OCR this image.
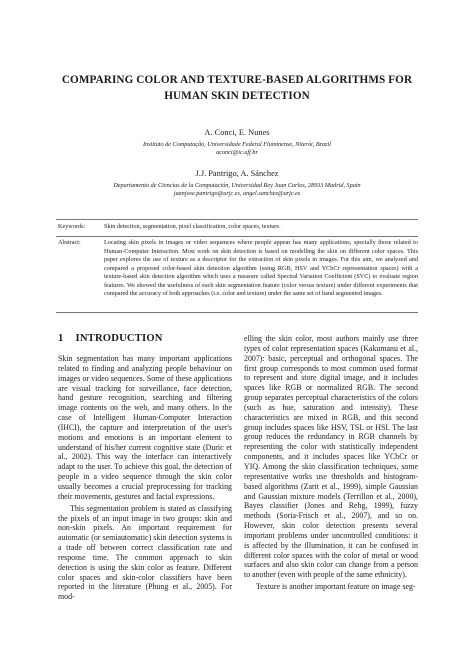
COMPARING COLOR AND TEXTURE-BASED ALGORITHMS FOR HUMAN SKIN DETECTION
A. Conci, E. Nunes
Instituto de Computação, Universidade Federal Fluminense, Niterói, Brazil
aconci@ic.uff.br
J.J. Pantrigo, A. Sánchez
Departamento de Ciencias de la Computación, Universidad Rey Juan Carlos, 28933 Madrid, Spain
juanjose.pantrigo@urjc.es, angel.sanchez@urjc.es
Keywords:	Skin detection, segmentation, pixel classification, color spaces, texture.
Abstract:	Locating skin pixels in images or video sequences where people appear has many applications, specially those related to Human-Computer Interaction. Most work on skin detection is based on modelling the skin on different color spaces. This paper explores the use of texture as a descriptor for the extraction of skin pixels in images. For this aim, we analyzed and compared a proposed color-based skin detection algorithm (using RGB, HSV and YCbCr representation spaces) with a texture-based skin detection algorithm which uses a measure called Spectral Variation Coefficient (SVC) to evaluate region features. We showed the usefulness of each skin segmentation feature (color versus texture) under different experiments that compared the accuracy of both approaches (i.e. color and texture) under the same set of hand segmented images.
1 INTRODUCTION

Skin segmentation has many important applications related to finding and analyzing people behaviour on images or video sequences. Some of these applications are visual tracking for surveillance, face detection, hand gesture recognition, searching and filtering image contents on the web, and many others. In the case of Intelligent Human-Computer Interaction (IHCI), the capture and interpretation of the user's motions and emotions is an important element to understand of his/her current cognitive state (Duric et al., 2002). This way the interface can interactively adapt to the user. To achieve this goal, the detection of people in a video sequence through the skin color usually becomes a crucial preprocessing for tracking their movements, gestures and facial expressions.

This segmentation problem is stated as classifying the pixels of an input image in two groups: skin and non-skin pixels. An important requirement for automatic (or semiautomatic) skin detection systems is a trade off between correct classification rate and response time. The common approach to skin detection is using the skin color as feature. Different color spaces and skin-color classifiers have been reported in the literature (Phung et al., 2005). For mod-

elling the skin color, most authors mainly use three types of color representation spaces (Kakumanu et al., 2007): basic, perceptual and orthogonal spaces. The first group corresponds to most common used format to represent and store digital image, and it includes spaces like RGB or normalized RGB. The second group separates perceptual characteristics of the colors (such as hue, saturation and intensity). These characteristics are mixed in RGB, and this second group includes spaces like HSV, TSL or HSI. The last group reduces the redundancy in RGB channels by representing the color with statistically independent components, and it includes spaces like YCbCr or YIQ. Among the skin classification techniques, some representative works use thresholds and histogram-based algorithms (Zarit et al., 1999), simple Gaussian and Gaussian mixture models (Terrillon et al., 2000), Bayes classifier (Jones and Rehg, 1999), fuzzy methods (Soria-Frisch et al., 2007), and so on. However, skin color detection presents several important problems under uncontrolled conditions: it is affected by the illumination, it can be confused in different color spaces with the color of metal or wood surfaces and also skin color can change from a person to another (even with people of the same ethnicity).

Texture is another important feature on image seg-
